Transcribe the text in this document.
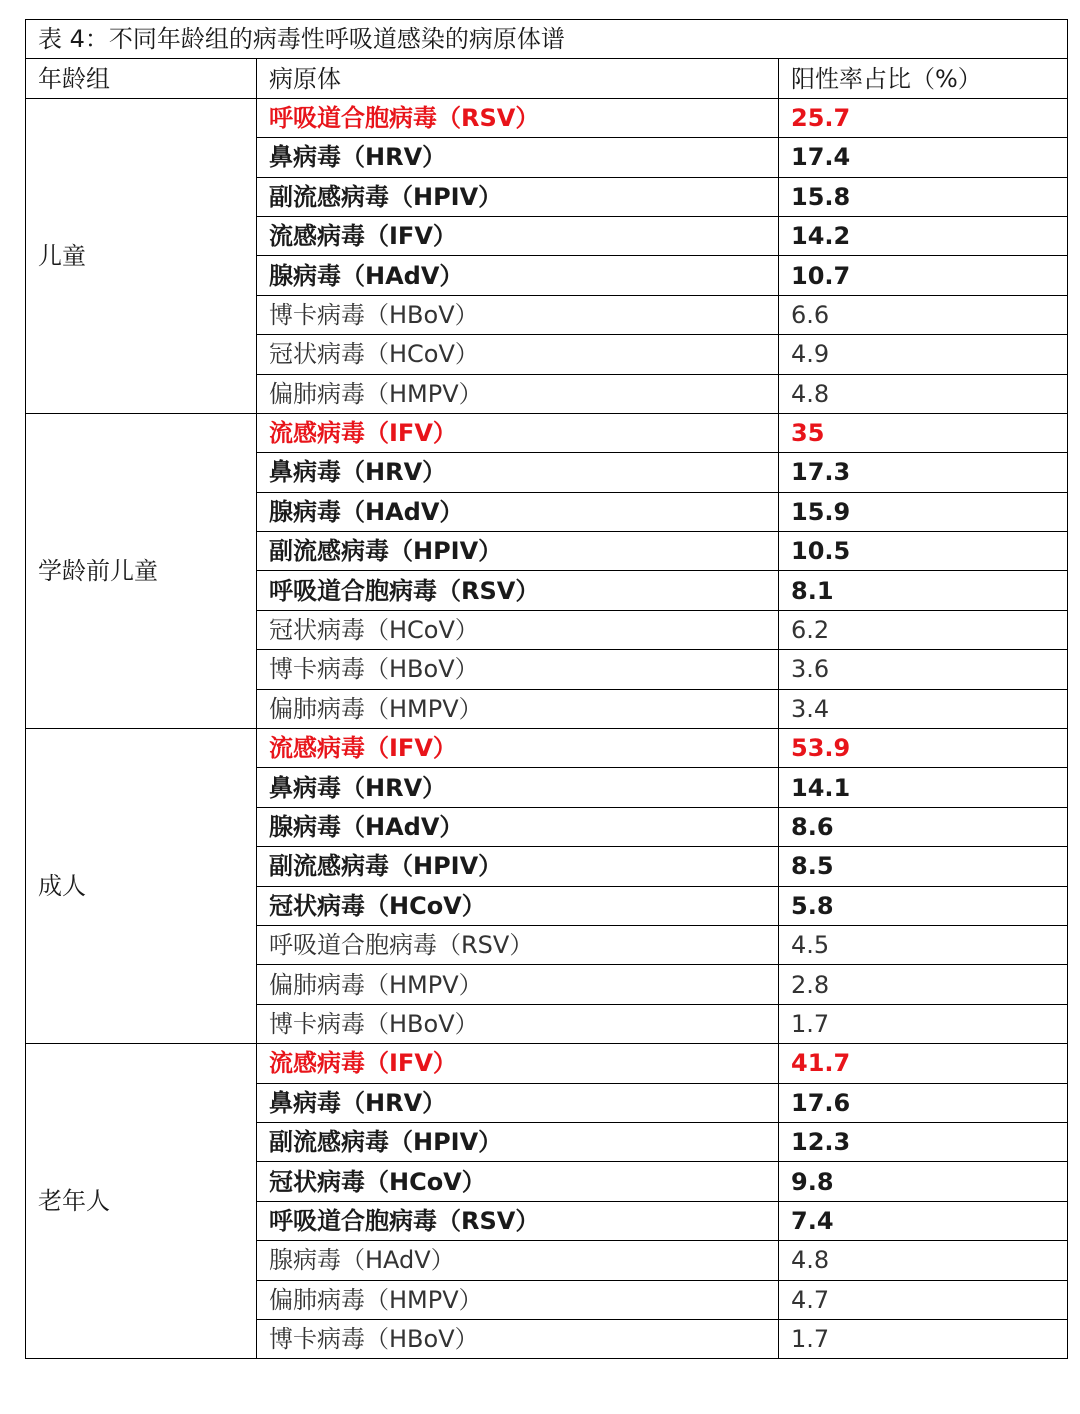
表 4：不同年龄组的病毒性呼吸道感染的病原体谱		
年龄组	病原体	阳性率占比（%）
儿童	呼吸道合胞病毒（RSV）	25.7
	鼻病毒（HRV）	17.4
	副流感病毒（HPIV）	15.8
	流感病毒（IFV）	14.2
	腺病毒（HAdV）	10.7
	博卡病毒（HBoV）	6.6
	冠状病毒（HCoV）	4.9
	偏肺病毒（HMPV）	4.8
学龄前儿童	流感病毒（IFV）	35
	鼻病毒（HRV）	17.3
	腺病毒（HAdV）	15.9
	副流感病毒（HPIV）	10.5
	呼吸道合胞病毒（RSV）	8.1
	冠状病毒（HCoV）	6.2
	博卡病毒（HBoV）	3.6
	偏肺病毒（HMPV）	3.4
成人	流感病毒（IFV）	53.9
	鼻病毒（HRV）	14.1
	腺病毒（HAdV）	8.6
	副流感病毒（HPIV）	8.5
	冠状病毒（HCoV）	5.8
	呼吸道合胞病毒（RSV）	4.5
	偏肺病毒（HMPV）	2.8
	博卡病毒（HBoV）	1.7
老年人	流感病毒（IFV）	41.7
	鼻病毒（HRV）	17.6
	副流感病毒（HPIV）	12.3
	冠状病毒（HCoV）	9.8
	呼吸道合胞病毒（RSV）	7.4
	腺病毒（HAdV）	4.8
	偏肺病毒（HMPV）	4.7
	博卡病毒（HBoV）	1.7
